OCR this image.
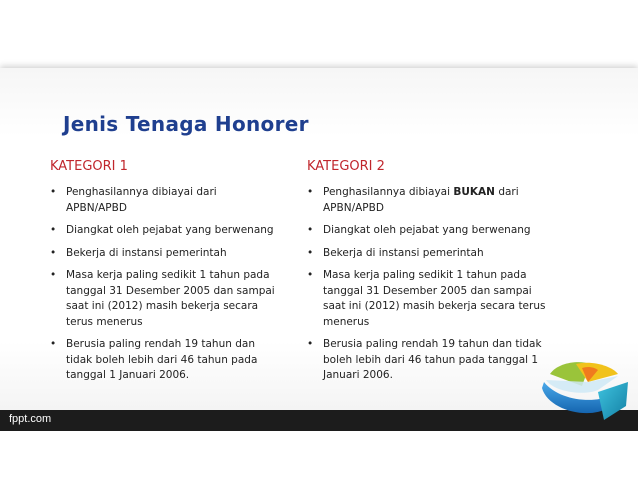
Jenis Tenaga Honorer
KATEGORI 1
• Penghasilannya dibiayai dari APBN/APBD
• Diangkat oleh pejabat yang berwenang
• Bekerja di instansi pemerintah
• Masa kerja paling sedikit 1 tahun pada tanggal 31 Desember 2005 dan sampai saat ini (2012) masih bekerja secara terus menerus
• Berusia paling rendah 19 tahun dan tidak boleh lebih dari 46 tahun pada tanggal 1 Januari 2006.
KATEGORI 2
• Penghasilannya dibiayai BUKAN dari APBN/APBD
• Diangkat oleh pejabat yang berwenang
• Bekerja di instansi pemerintah
• Masa kerja paling sedikit 1 tahun pada tanggal 31 Desember 2005 dan sampai saat ini (2012) masih bekerja secara terus menerus
• Berusia paling rendah 19 tahun dan tidak boleh lebih dari 46 tahun pada tanggal 1 Januari 2006.
fppt.com
